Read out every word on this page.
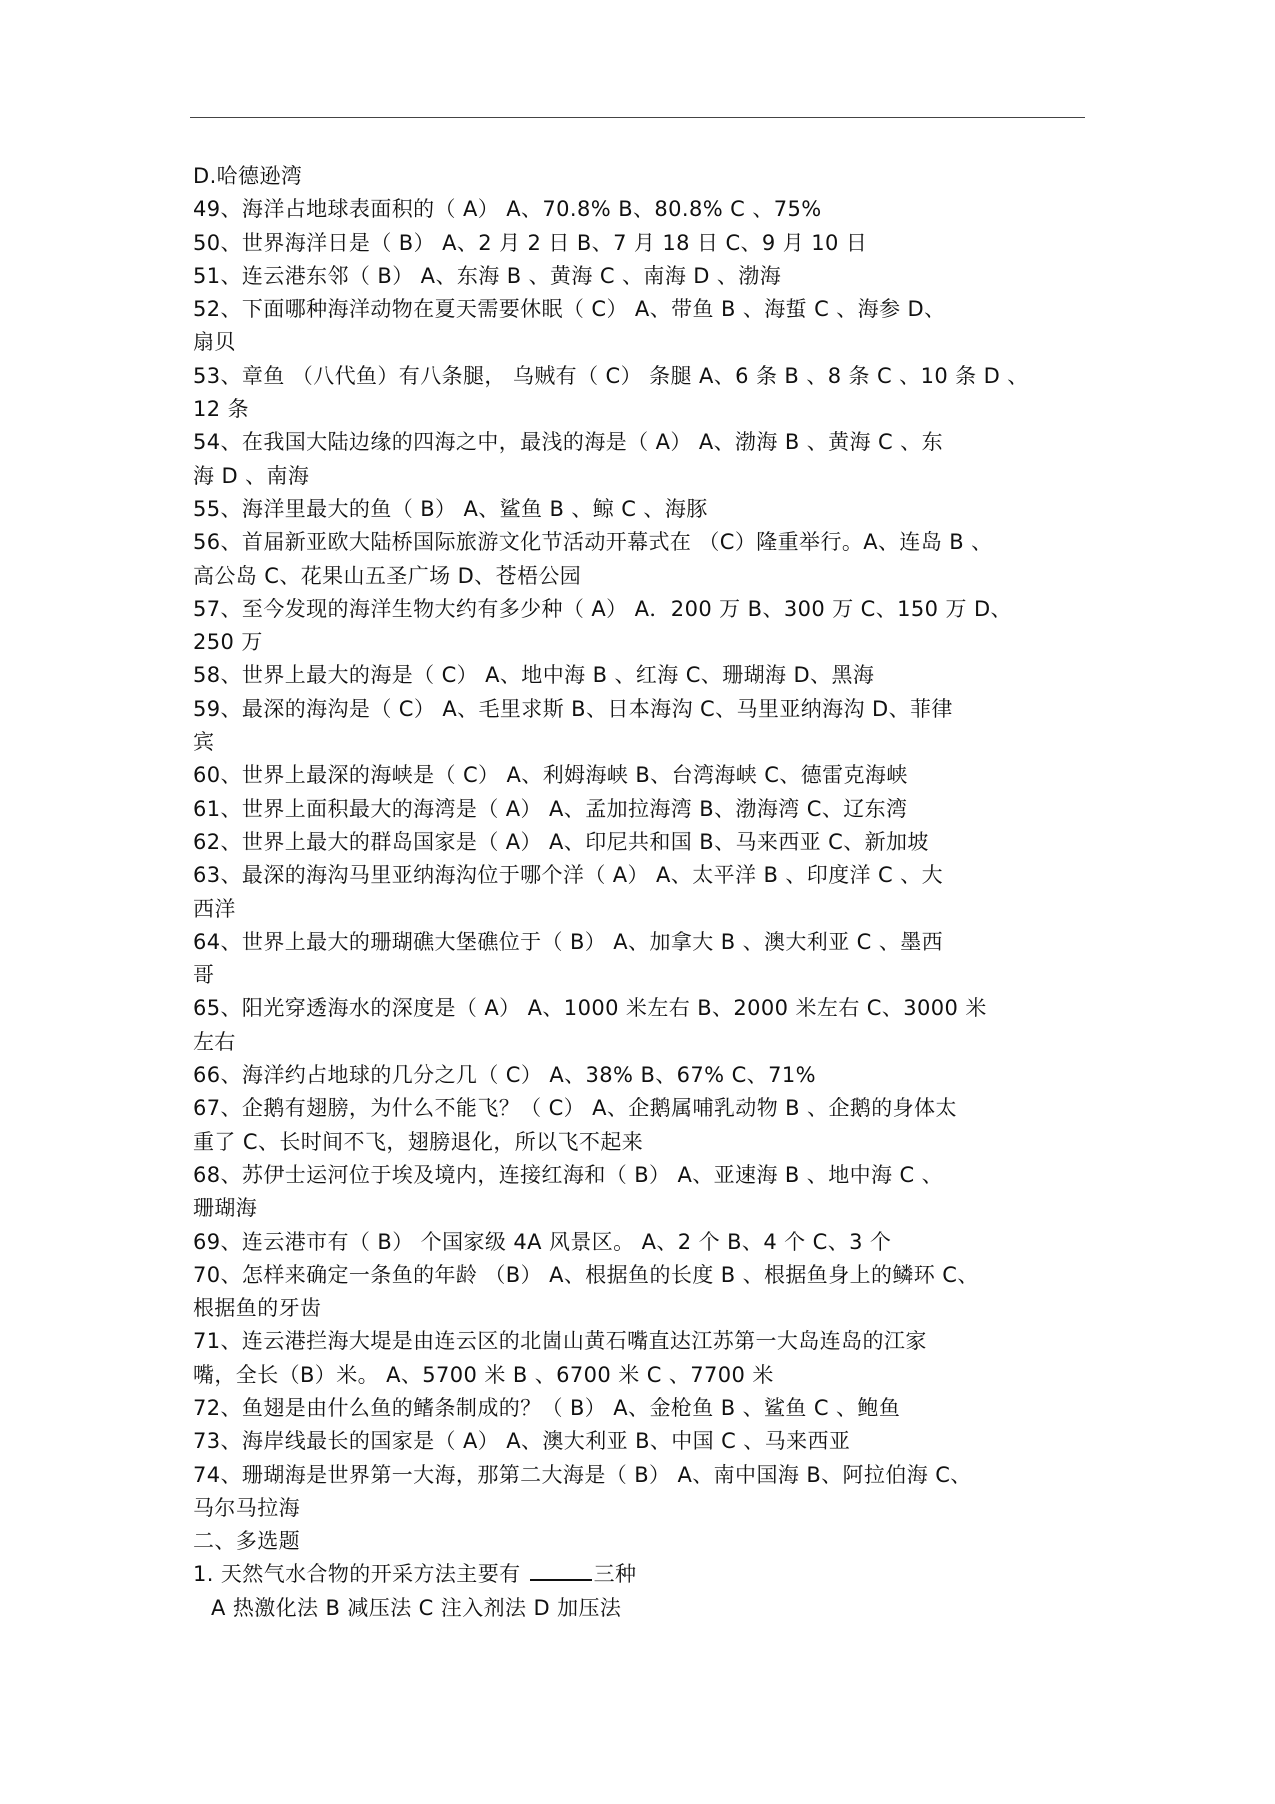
D.哈德逊湾
49、海洋占地球表面积的（ A） A、70.8% B、80.8% C 、75%
50、世界海洋日是（ B） A、2 月 2 日 B、7 月 18 日 C、9 月 10 日
51、连云港东邻（ B） A、东海 B 、黄海 C 、南海 D 、渤海
52、下面哪种海洋动物在夏天需要休眠（ C） A、带鱼 B 、海蜇 C 、海参 D、
扇贝
53、章鱼 （八代鱼）有八条腿， 乌贼有（ C） 条腿 A、6 条 B 、8 条 C 、10 条 D 、
12 条
54、在我国大陆边缘的四海之中，最浅的海是（ A） A、渤海 B 、黄海 C 、东
海 D 、南海
55、海洋里最大的鱼（ B） A、鲨鱼 B 、鲸 C 、海豚
56、首届新亚欧大陆桥国际旅游文化节活动开幕式在 （C）隆重举行。A、连岛 B 、
高公岛 C、花果山五圣广场 D、苍梧公园
57、至今发现的海洋生物大约有多少种（ A） A．200 万 B、300 万 C、150 万 D、
250 万
58、世界上最大的海是（ C） A、地中海 B 、红海 C、珊瑚海 D、黑海
59、最深的海沟是（ C） A、毛里求斯 B、日本海沟 C、马里亚纳海沟 D、菲律
宾
60、世界上最深的海峡是（ C） A、利姆海峡 B、台湾海峡 C、德雷克海峡
61、世界上面积最大的海湾是（ A） A、孟加拉海湾 B、渤海湾 C、辽东湾
62、世界上最大的群岛国家是（ A） A、印尼共和国 B、马来西亚 C、新加坡
63、最深的海沟马里亚纳海沟位于哪个洋（ A） A、太平洋 B 、印度洋 C 、大
西洋
64、世界上最大的珊瑚礁大堡礁位于（ B） A、加拿大 B 、澳大利亚 C 、墨西
哥
65、阳光穿透海水的深度是（ A） A、1000 米左右 B、2000 米左右 C、3000 米
左右
66、海洋约占地球的几分之几（ C） A、38% B、67% C、71%
67、企鹅有翅膀，为什么不能飞？（ C） A、企鹅属哺乳动物 B 、企鹅的身体太
重了 C、长时间不飞，翅膀退化，所以飞不起来
68、苏伊士运河位于埃及境内，连接红海和（ B） A、亚速海 B 、地中海 C 、
珊瑚海
69、连云港市有（ B） 个国家级 4A 风景区。 A、2 个 B、4 个 C、3 个
70、怎样来确定一条鱼的年龄 （B） A、根据鱼的长度 B 、根据鱼身上的鳞环 C、
根据鱼的牙齿
71、连云港拦海大堤是由连云区的北崮山黄石嘴直达江苏第一大岛连岛的江家
嘴，全长（B）米。 A、5700 米 B 、6700 米 C 、7700 米
72、鱼翅是由什么鱼的鳍条制成的？（ B） A、金枪鱼 B 、鲨鱼 C 、鲍鱼
73、海岸线最长的国家是（ A） A、澳大利亚 B、中国 C 、马来西亚
74、珊瑚海是世界第一大海，那第二大海是（ B） A、南中国海 B、阿拉伯海 C、
马尔马拉海
二、多选题
1. 天然气水合物的开采方法主要有	三种
A 热激化法 B 减压法 C 注入剂法 D 加压法
